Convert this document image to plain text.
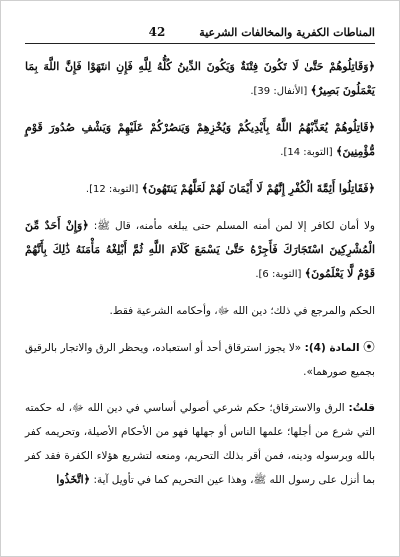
المناطات الكفرية والمخالفات الشرعية
42

﴿وَقَاتِلُوهُمْ حَتَّىٰ لَا تَكُونَ فِتْنَةٌ وَيَكُونَ الدِّينُ كُلُّهُ لِلَّهِ فَإِنِ انتَهَوْا فَإِنَّ اللَّهَ بِمَا يَعْمَلُونَ بَصِيرٌ﴾ [الأنفال: 39].

﴿قَاتِلُوهُمْ يُعَذِّبْهُمُ اللَّهُ بِأَيْدِيكُمْ وَيُخْزِهِمْ وَيَنصُرْكُمْ عَلَيْهِمْ وَيَشْفِ صُدُورَ قَوْمٍ مُّؤْمِنِينَ﴾ [التوبة: 14].

﴿فَقَاتِلُوا أَئِمَّةَ الْكُفْرِ إِنَّهُمْ لَا أَيْمَانَ لَهُمْ لَعَلَّهُمْ يَنتَهُونَ﴾ [التوبة: 12].

ولا أمان لكافر إلا لمن أمنه المسلم حتى يبلغه مأمنه، قال ﷺ: ﴿وَإِنْ أَحَدٌ مِّنَ الْمُشْرِكِينَ اسْتَجَارَكَ فَأَجِرْهُ حَتَّىٰ يَسْمَعَ كَلَامَ اللَّهِ ثُمَّ أَبْلِغْهُ مَأْمَنَهُ ذَٰلِكَ بِأَنَّهُمْ قَوْمٌ لَّا يَعْلَمُونَ﴾ [التوبة: 6].

الحكم والمرجع في ذلك؛ دين الله ﷻ، وأحكامه الشرعية فقط.

⦿ المادة (4): «لا يجوز استرقاق أحد أو استعباده، ويحظر الرق والاتجار بالرقيق بجميع صورهما».

قلتُ: الرق والاسترقاق؛ حكم شرعي أصولي أساسي في دين الله ﷻ، له حكمته التي شرع من أجلها؛ علمها الناس أو جهلها فهو من الأحكام الأصيلة، وتحريمه كفر بالله وبرسوله ودينه، فمن أقر بذلك التحريم، ومنعه لتشريع هؤلاء الكفرة فقد كفر بما أنزل على رسول الله ﷺ، وهذا عين التحريم كما في تأويل آية: ﴿اتَّخَذُوا
